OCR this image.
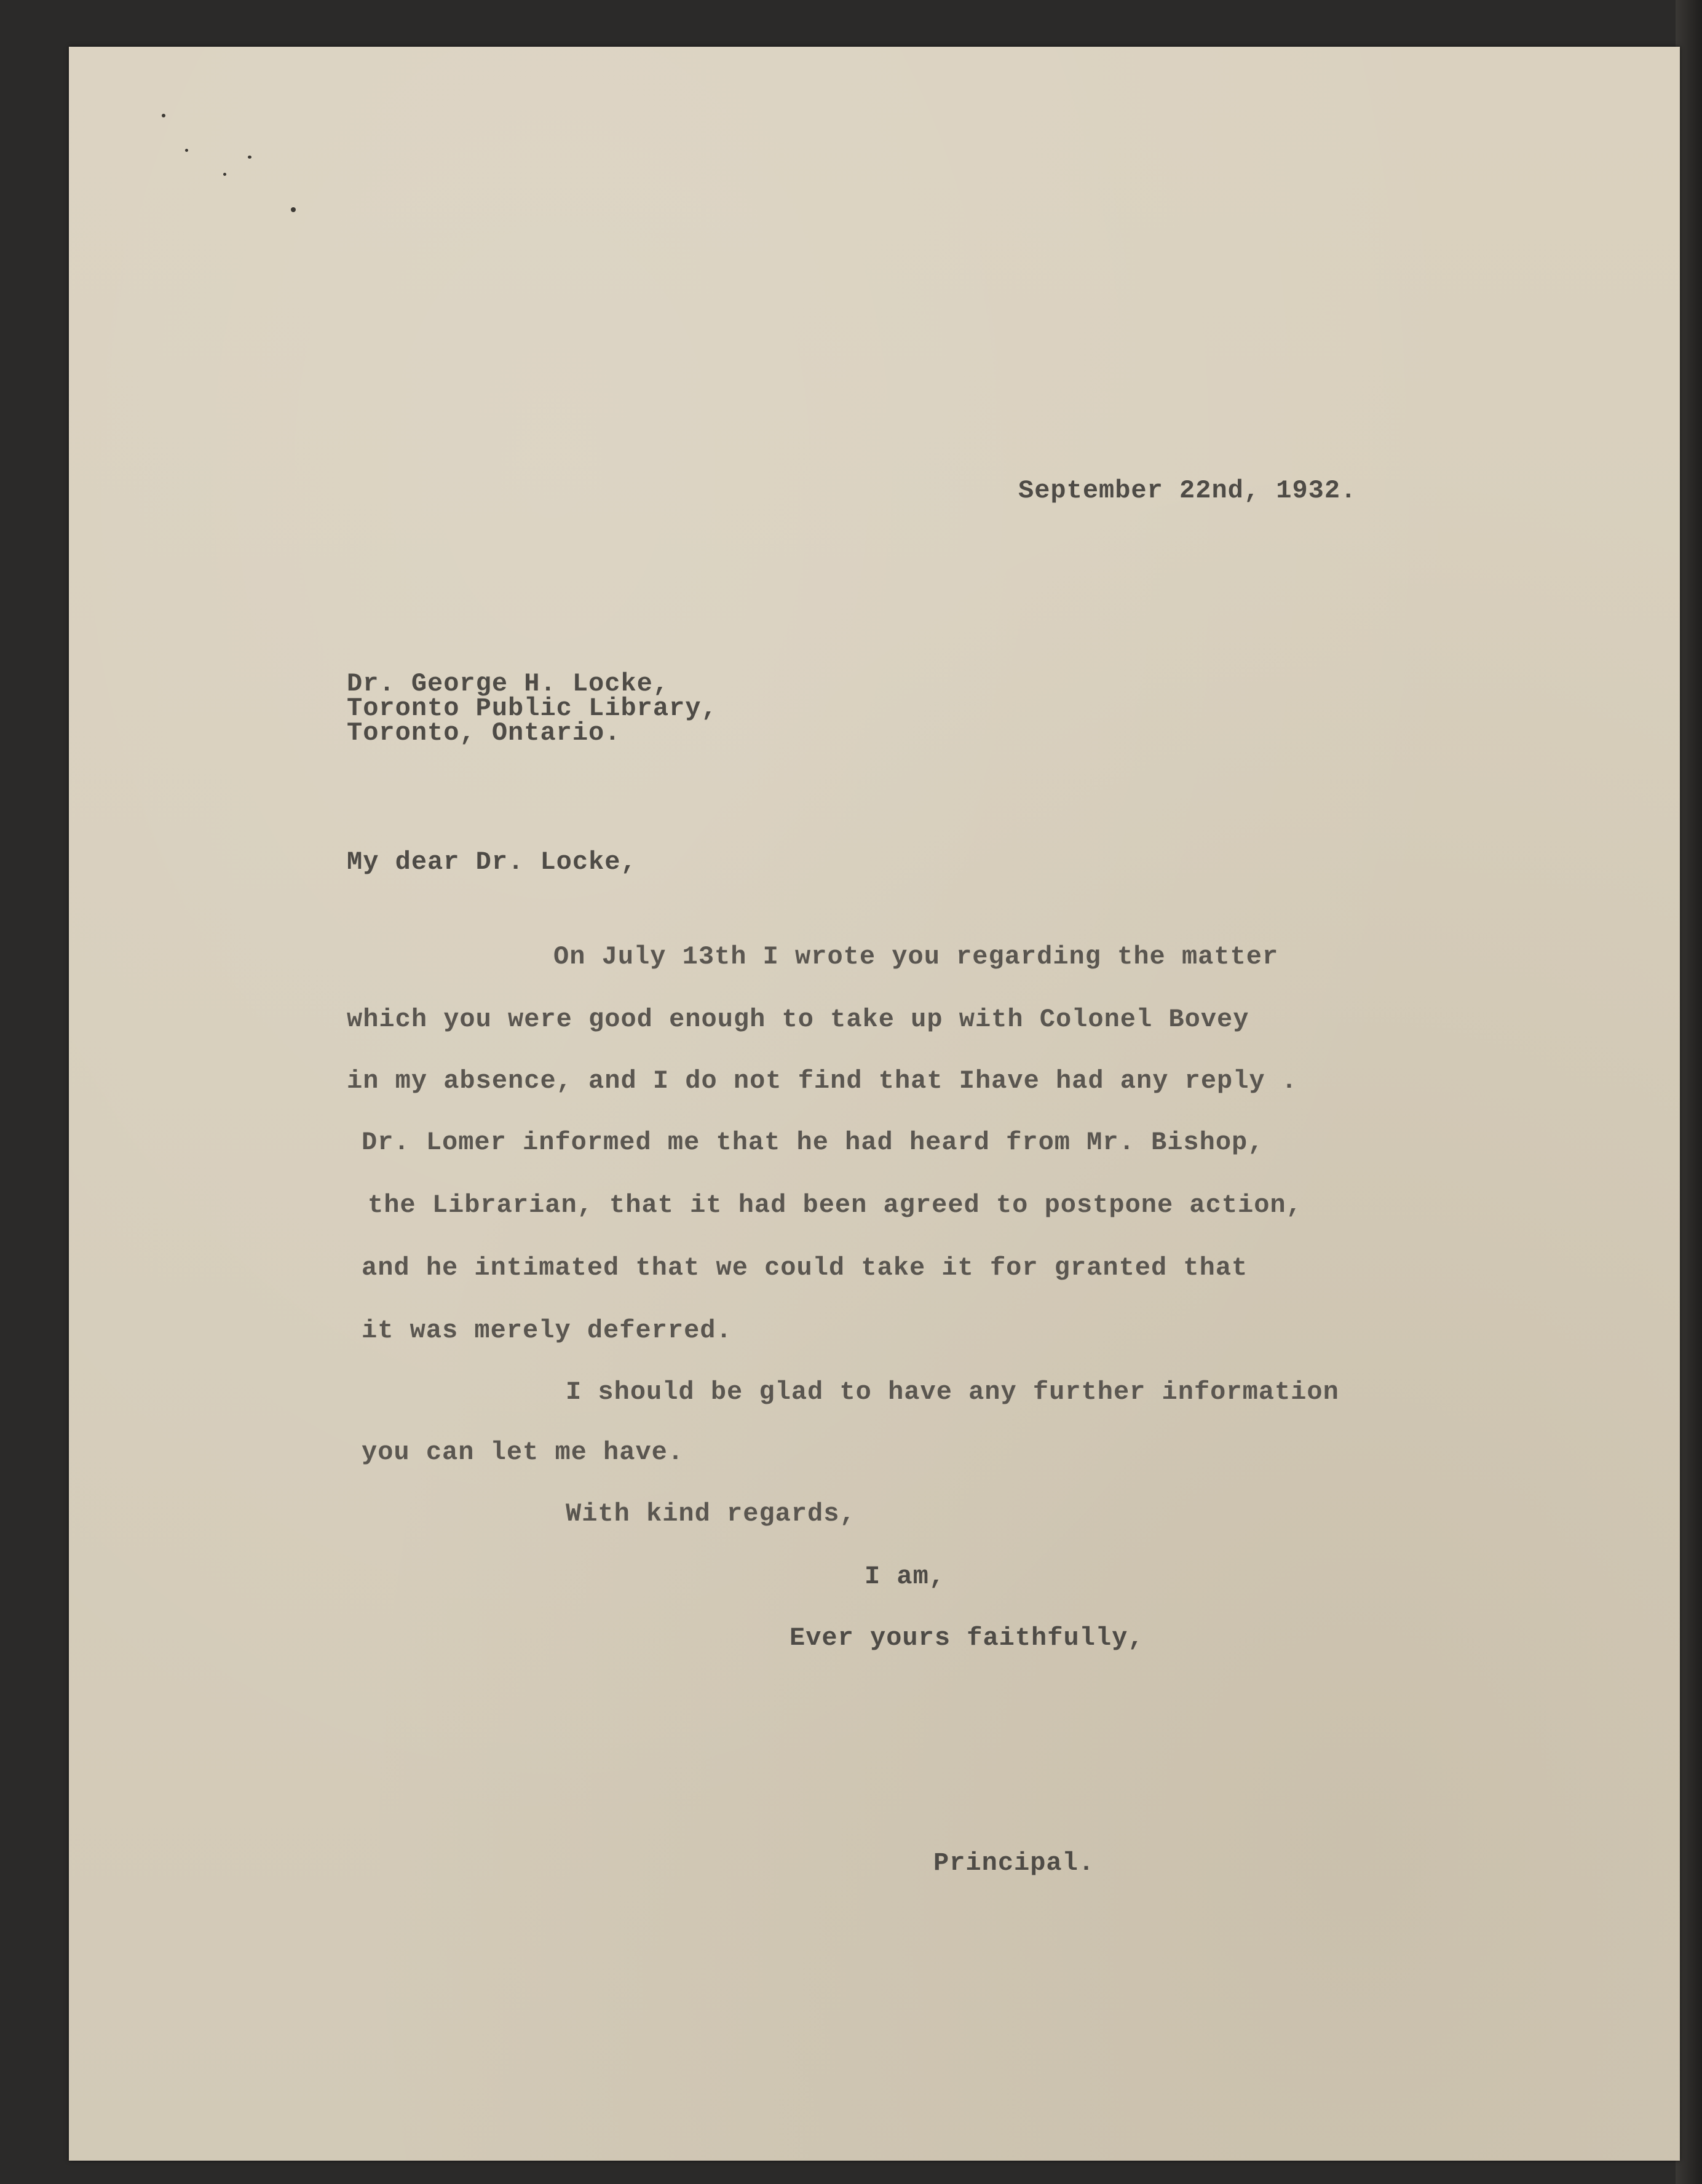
September 22nd, 1932.
Dr. George H. Locke,
Toronto Public Library,
Toronto, Ontario.
My dear Dr. Locke,
On July 13th I wrote you regarding the matter
which you were good enough to take up with Colonel Bovey
in my absence, and I do not find that Ihave had any reply .
Dr. Lomer informed me that he had heard from Mr. Bishop,
the Librarian, that it had been agreed to postpone action,
and he intimated that we could take it for granted that
it was merely deferred.
I should be glad to have any further information
you can let me have.
With kind regards,
I am,
Ever yours faithfully,
Principal.
